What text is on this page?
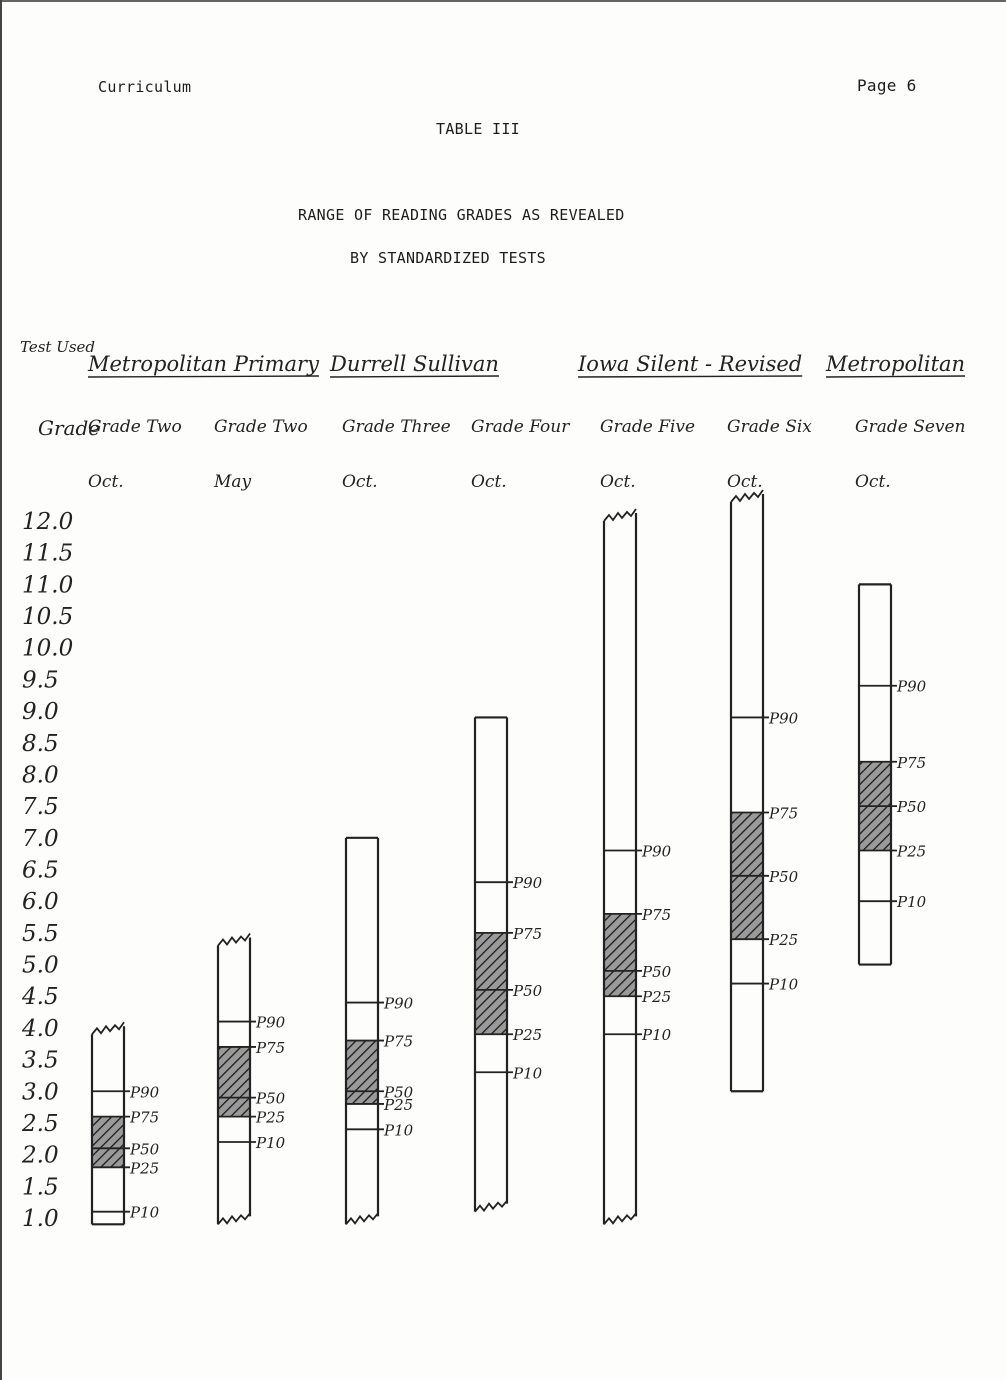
Curriculum	Page 6
TABLE III
RANGE OF READING GRADES AS REVEALED
BY STANDARDIZED TESTS
Test Used
Grade
Metropolitan Primary Durrell Sullivan	Iowa Silent - Revised Metropolitan
Grade Two
Oct.
Grade Two
May
Grade Three
Oct.
Grade Four
Oct.
Grade Five
Oct.
Grade Six
Oct.
Grade Seven
Oct.
12.0
11.5
11.0
10.5
10.0
9.5
9.0
8.5
8.0
7.5
7.0
6.5
6.0
5.5
5.0
4.5
4.0
3.5
3.0
2.5
2.0
1.5
1.0
P90
P75
P50
P25
P10
P90
P75
P50
P25
P10
P90
P75
P50
P25
P10
P90
P75
P50
P25
P10
P90
P75
P50
P25
P10
P90
P75
P50
P25
P10
P90
P75
P50
P25
P10
